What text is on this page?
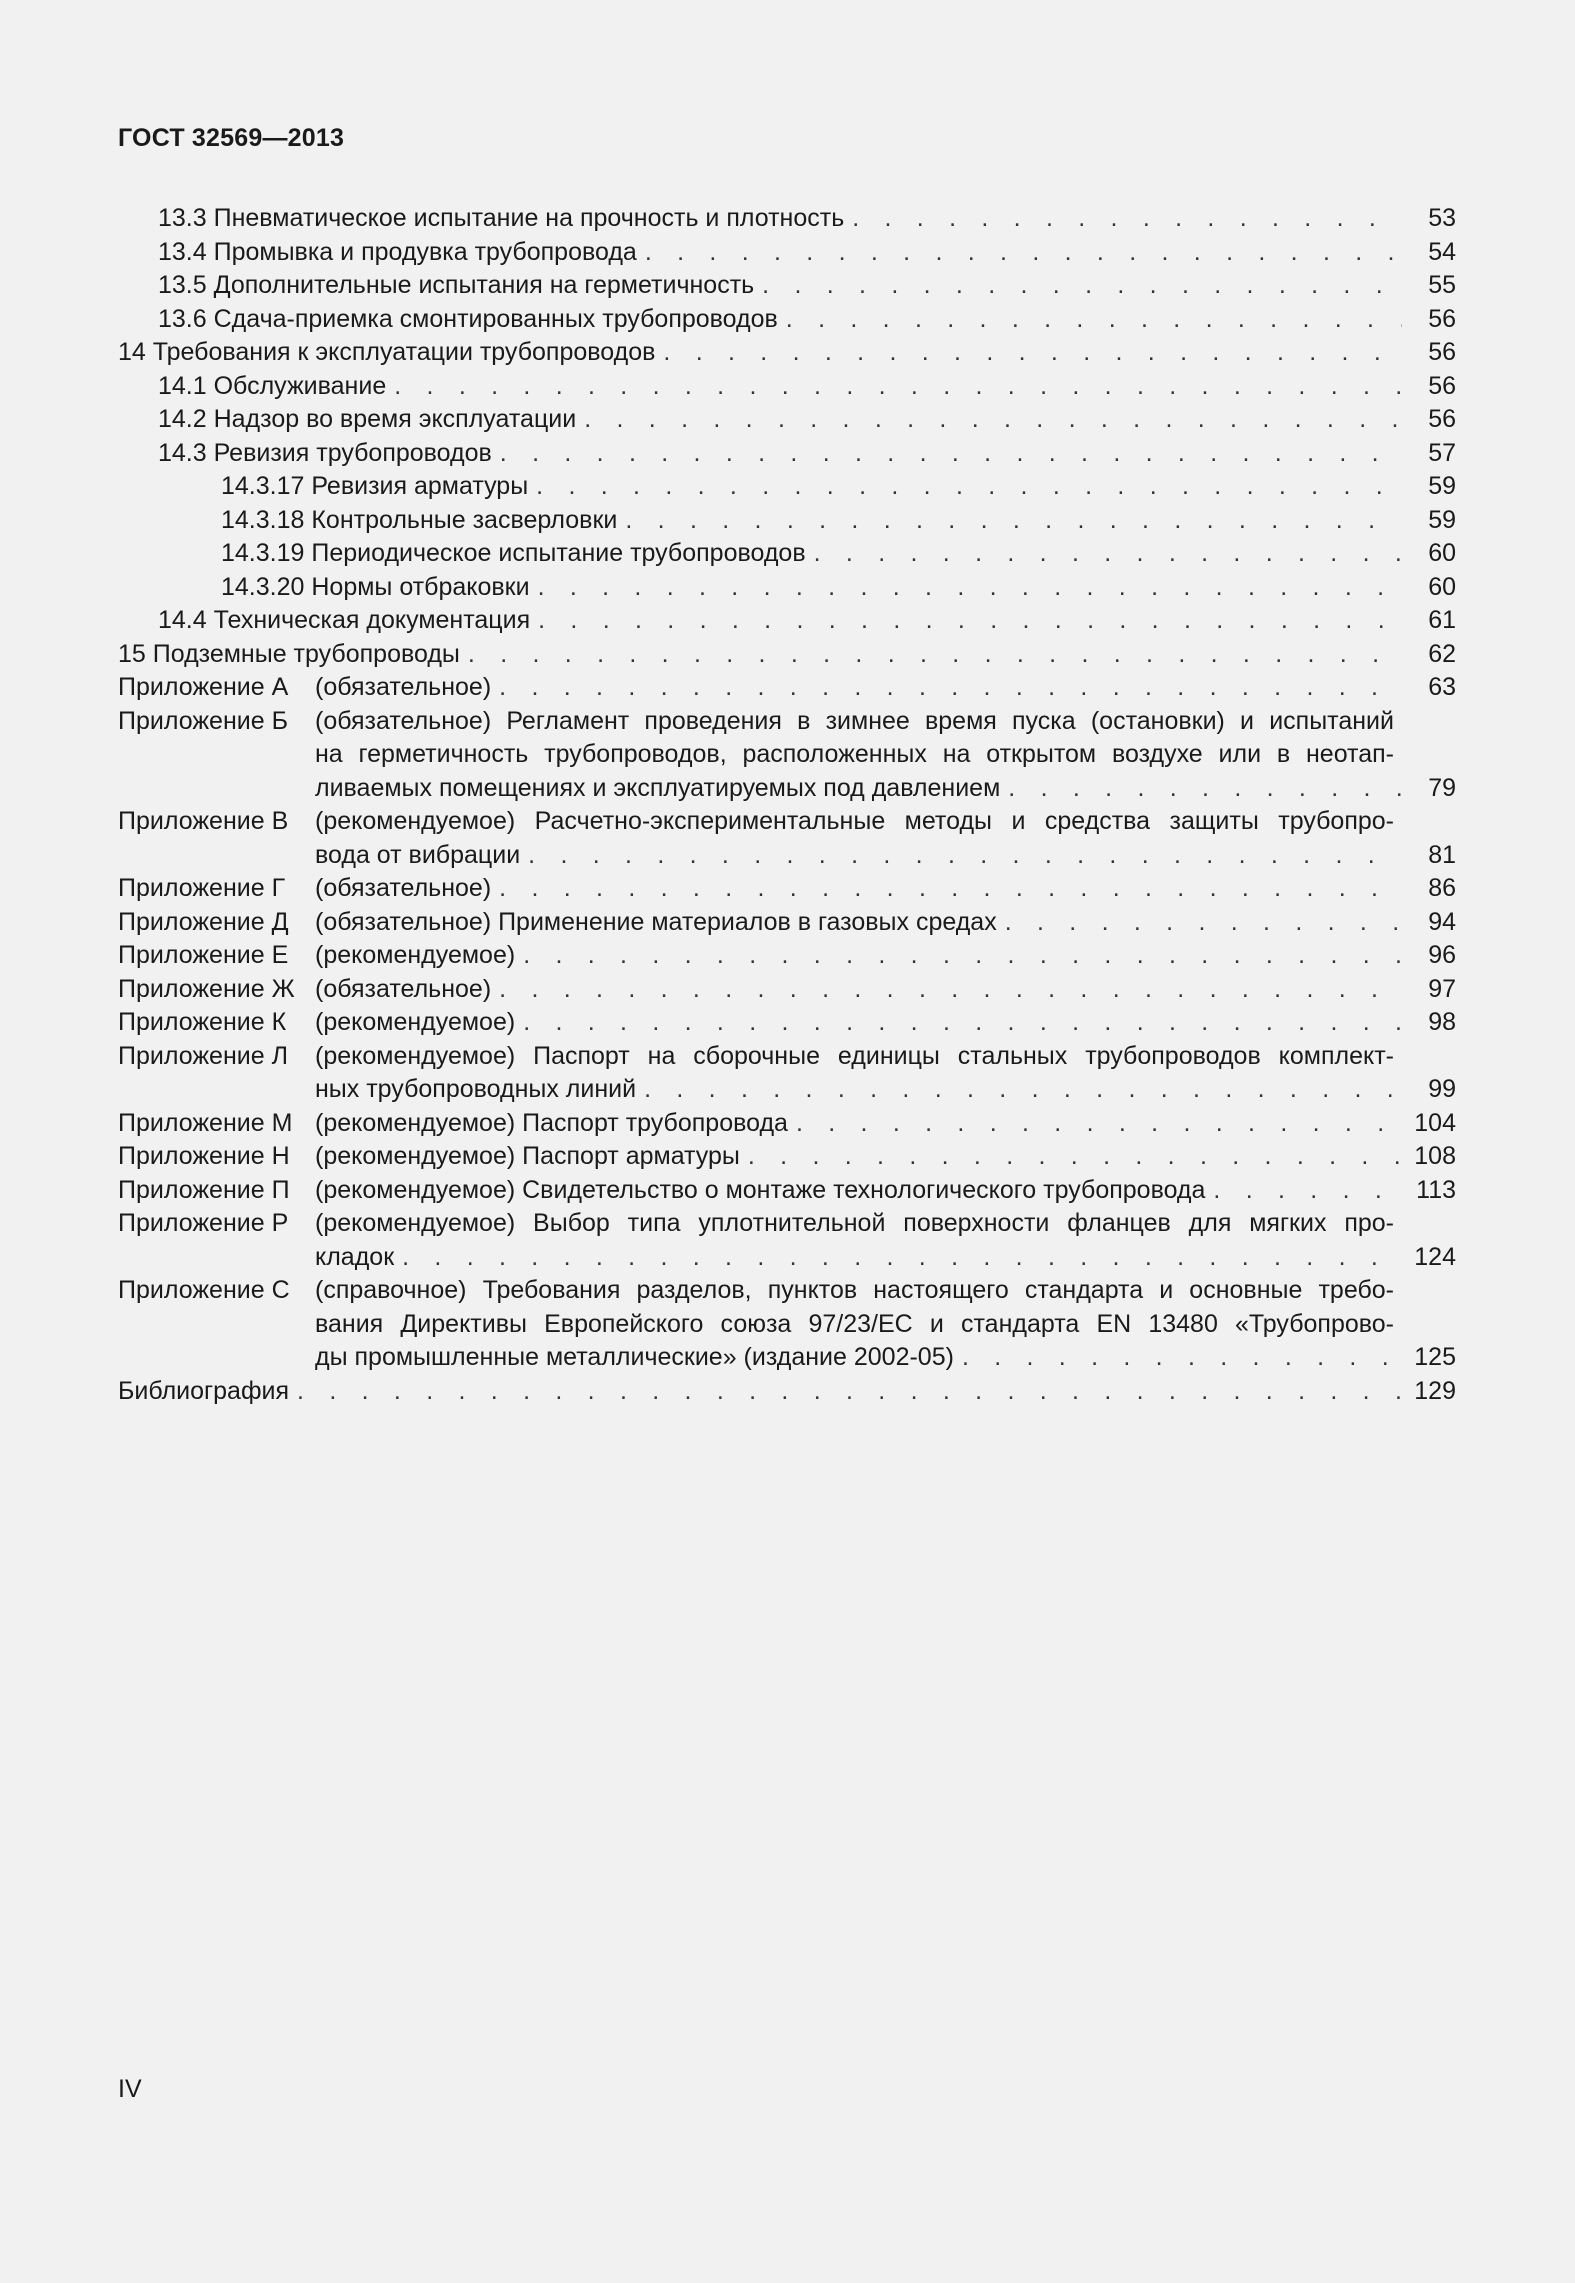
ГОСТ 32569—2013
13.3 Пневматическое испытание на прочность и плотность . . .	53
13.4 Промывка и продувка трубопровода . . .	54
13.5 Дополнительные испытания на герметичность . . .	55
13.6 Сдача-приемка смонтированных трубопроводов . . .	56
14 Требования к эксплуатации трубопроводов . . .	56
14.1 Обслуживание . . .	56
14.2 Надзор во время эксплуатации . . .	56
14.3 Ревизия трубопроводов . . .	57
14.3.17 Ревизия арматуры . . .	59
14.3.18 Контрольные засверловки . . .	59
14.3.19 Периодическое испытание трубопроводов . . .	60
14.3.20 Нормы отбраковки . . .	60
14.4 Техническая документация . . .	61
15 Подземные трубопроводы . . .	62
Приложение А	(обязательное) . . .	63
Приложение Б	(обязательное) Регламент проведения в зимнее время пуска (остановки) и испытаний
на герметичность трубопроводов, расположенных на открытом воздухе или в неотап-
ливаемых помещениях и эксплуатируемых под давлением . . .	79
Приложение В	(рекомендуемое) Расчетно-экспериментальные методы и средства защиты трубопро-
вода от вибрации . . .	81
Приложение Г	(обязательное) . . .	86
Приложение Д	(обязательное) Применение материалов в газовых средах . . .	94
Приложение Е	(рекомендуемое) . . .	96
Приложение Ж (обязательное) . . .	97
Приложение К	(рекомендуемое) . . .	98
Приложение Л	(рекомендуемое) Паспорт на сборочные единицы стальных трубопроводов комплект-
ных трубопроводных линий . . .	99
Приложение М (рекомендуемое) Паспорт трубопровода . . .	104
Приложение Н	(рекомендуемое) Паспорт арматуры . . .	108
Приложение П	(рекомендуемое) Свидетельство о монтаже технологического трубопровода . . .	113
Приложение Р	(рекомендуемое) Выбор типа уплотнительной поверхности фланцев для мягких про-
кладок . . .	124
Приложение С	(справочное) Требования разделов, пунктов настоящего стандарта и основные требо-
вания Директивы Европейского союза 97/23/ЕС и стандарта EN 13480 «Трубопрово-
ды промышленные металлические» (издание 2002-05) . . .	125
Библиография . . .	129
IV
